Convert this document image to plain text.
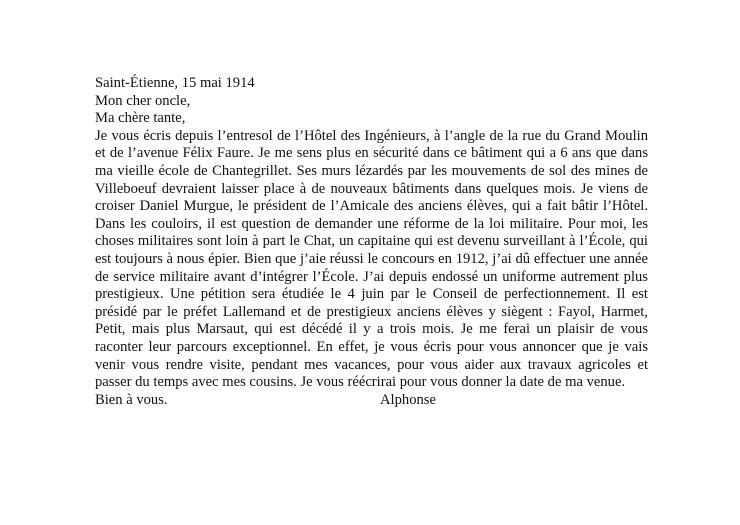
Saint-Étienne, 15 mai 1914
Mon cher oncle,
Ma chère tante,

Je vous écris depuis l’entresol de l’Hôtel des Ingénieurs, à l’angle de la rue du Grand Moulin et de l’avenue Félix Faure. Je me sens plus en sécurité dans ce bâtiment qui a 6 ans que dans ma vieille école de Chantegrillet. Ses murs lézardés par les mouvements de sol des mines de Villeboeuf devraient laisser place à de nouveaux bâtiments dans quelques mois. Je viens de croiser Daniel Murgue, le président de l’Amicale des anciens élèves, qui a fait bâtir l’Hôtel. Dans les couloirs, il est question de demander une réforme de la loi militaire. Pour moi, les choses militaires sont loin à part le Chat, un capitaine qui est devenu surveillant à l’École, qui est toujours à nous épier. Bien que j’aie réussi le concours en 1912, j’ai dû effectuer une année de service militaire avant d’intégrer l’École. J’ai depuis endossé un uniforme autrement plus prestigieux. Une pétition sera étudiée le 4 juin par le Conseil de perfectionnement. Il est présidé par le préfet Lallemand et de prestigieux anciens élèves y siègent : Fayol, Harmet, Petit, mais plus Marsaut, qui est décédé il y a trois mois. Je me ferai un plaisir de vous raconter leur parcours exceptionnel. En effet, je vous écris pour vous annoncer que je vais venir vous rendre visite, pendant mes vacances, pour vous aider aux travaux agricoles et passer du temps avec mes cousins. Je vous réécrirai pour vous donner la date de ma venue.

Bien à vous.	Alphonse
